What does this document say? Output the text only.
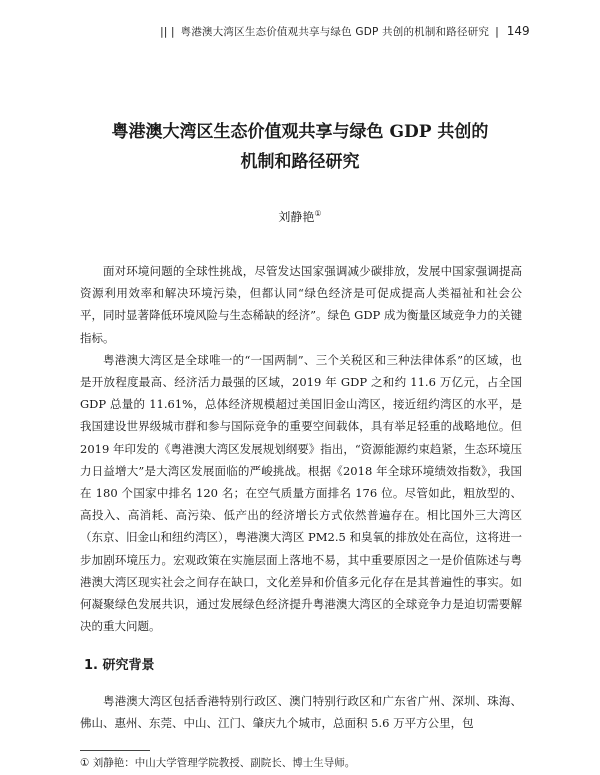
|| | 粤港澳大湾区生态价值观共享与绿色 GDP 共创的机制和路径研究 | 149
粤港澳大湾区生态价值观共享与绿色 GDP 共创的
机制和路径研究
刘静艳①

面对环境问题的全球性挑战，尽管发达国家强调减少碳排放，发展中国家强调提高资源利用效率和解决环境污染，但都认同“绿色经济是可促成提高人类福祉和社会公平，同时显著降低环境风险与生态稀缺的经济”。绿色 GDP 成为衡量区域竞争力的关键指标。

粤港澳大湾区是全球唯一的“一国两制”、三个关税区和三种法律体系”的区域，也是开放程度最高、经济活力最强的区域，2019 年 GDP 之和约 11.6 万亿元，占全国 GDP 总量的 11.61%，总体经济规模超过美国旧金山湾区，接近纽约湾区的水平，是我国建设世界级城市群和参与国际竞争的重要空间载体，具有举足轻重的战略地位。但 2019 年印发的《粤港澳大湾区发展规划纲要》指出，“资源能源约束趋紧，生态环境压力日益增大”是大湾区发展面临的严峻挑战。根据《2018 年全球环境绩效指数》，我国在 180 个国家中排名 120 名；在空气质量方面排名 176 位。尽管如此，粗放型的、高投入、高消耗、高污染、低产出的经济增长方式依然普遍存在。相比国外三大湾区（东京、旧金山和纽约湾区），粤港澳大湾区 PM2.5 和臭氧的排放处在高位，这将进一步加剧环境压力。宏观政策在实施层面上落地不易，其中重要原因之一是价值陈述与粤港澳大湾区现实社会之间存在缺口，文化差异和价值多元化存在是其普遍性的事实。如何凝聚绿色发展共识，通过发展绿色经济提升粤港澳大湾区的全球竞争力是迫切需要解决的重大问题。

1. 研究背景

粤港澳大湾区包括香港特别行政区、澳门特别行政区和广东省广州、深圳、珠海、佛山、惠州、东莞、中山、江门、肇庆九个城市，总面积 5.6 万平方公里，包

① 刘静艳：中山大学管理学院教授、副院长、博士生导师。
